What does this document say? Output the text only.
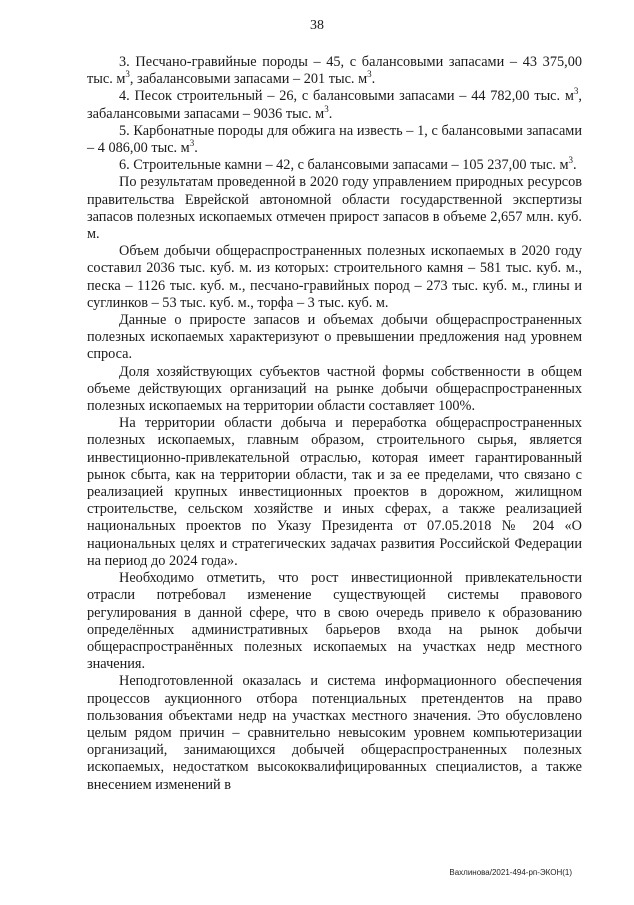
38

3. Песчано-гравийные породы – 45, с балансовыми запасами – 43 375,00 тыс. $м^3$, забалансовыми запасами – 201 тыс. $м^3$.

4. Песок строительный – 26, с балансовыми запасами – 44 782,00 тыс. $м^3$, забалансовыми запасами – 9036 тыс. $м^3$.

5. Карбонатные породы для обжига на известь – 1, с балансовыми запасами – 4 086,00 тыс. $м^3$.

6. Строительные камни – 42, с балансовыми запасами – 105 237,00 тыс. $м^3$.

По результатам проведенной в 2020 году управлением природных ресурсов правительства Еврейской автономной области государственной экспертизы запасов полезных ископаемых отмечен прирост запасов в объеме 2,657 млн. куб. м.

Объем добычи общераспространенных полезных ископаемых в 2020 году составил 2036 тыс. куб. м. из которых: строительного камня – 581 тыс. куб. м., песка – 1126 тыс. куб. м., песчано-гравийных пород – 273 тыс. куб. м., глины и суглинков – 53 тыс. куб. м., торфа – 3 тыс. куб. м.

Данные о приросте запасов и объемах добычи общераспространенных полезных ископаемых характеризуют о превышении предложения над уровнем спроса.

Доля хозяйствующих субъектов частной формы собственности в общем объеме действующих организаций на рынке добычи общераспространенных полезных ископаемых на территории области составляет 100%.

На территории области добыча и переработка общераспространенных полезных ископаемых, главным образом, строительного сырья, является инвестиционно-привлекательной отраслью, которая имеет гарантированный рынок сбыта, как на территории области, так и за ее пределами, что связано с реализацией крупных инвестиционных проектов в дорожном, жилищном строительстве, сельском хозяйстве и иных сферах, а также реализацией национальных проектов по Указу Президента от 07.05.2018 № 204 «О национальных целях и стратегических задачах развития Российской Федерации на период до 2024 года».

Необходимо отметить, что рост инвестиционной привлекательности отрасли потребовал изменение существующей системы правового регулирования в данной сфере, что в свою очередь привело к образованию определённых административных барьеров входа на рынок добычи общераспространённых полезных ископаемых на участках недр местного значения.

Неподготовленной оказалась и система информационного обеспечения процессов аукционного отбора потенциальных претендентов на право пользования объектами недр на участках местного значения. Это обусловлено целым рядом причин – сравнительно невысоким уровнем компьютеризации организаций, занимающихся добычей общераспространенных полезных ископаемых, недостатком высококвалифицированных специалистов, а также внесением изменений в

Вахлинова/2021-494-рп-ЭКОН(1)
